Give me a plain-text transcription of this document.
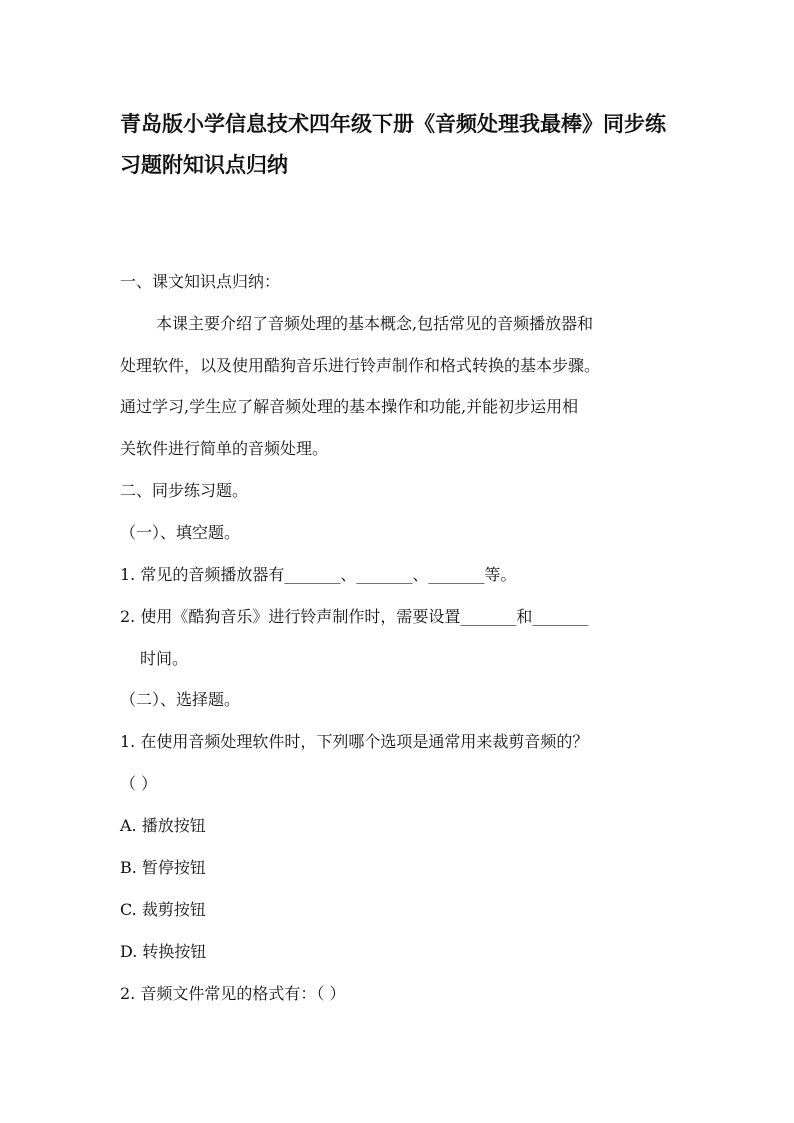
青岛版小学信息技术四年级下册《音频处理我最棒》同步练
习题附知识点归纳
一、课文知识点归纳：
本课主要介绍了音频处理的基本概念,包括常见的音频播放器和
处理软件，以及使用酷狗音乐进行铃声制作和格式转换的基本步骤。
通过学习,学生应了解音频处理的基本操作和功能,并能初步运用相
关软件进行简单的音频处理。
二、同步练习题。
（一）、填空题。
1. 常见的音频播放器有_______、_______、_______等。
2. 使用《酷狗音乐》进行铃声制作时，需要设置_______和_______
时间。
（二）、选择题。
1. 在使用音频处理软件时，下列哪个选项是通常用来裁剪音频的？
（ ）
A. 播放按钮
B. 暂停按钮
C. 裁剪按钮
D. 转换按钮
2. 音频文件常见的格式有：（ ）
